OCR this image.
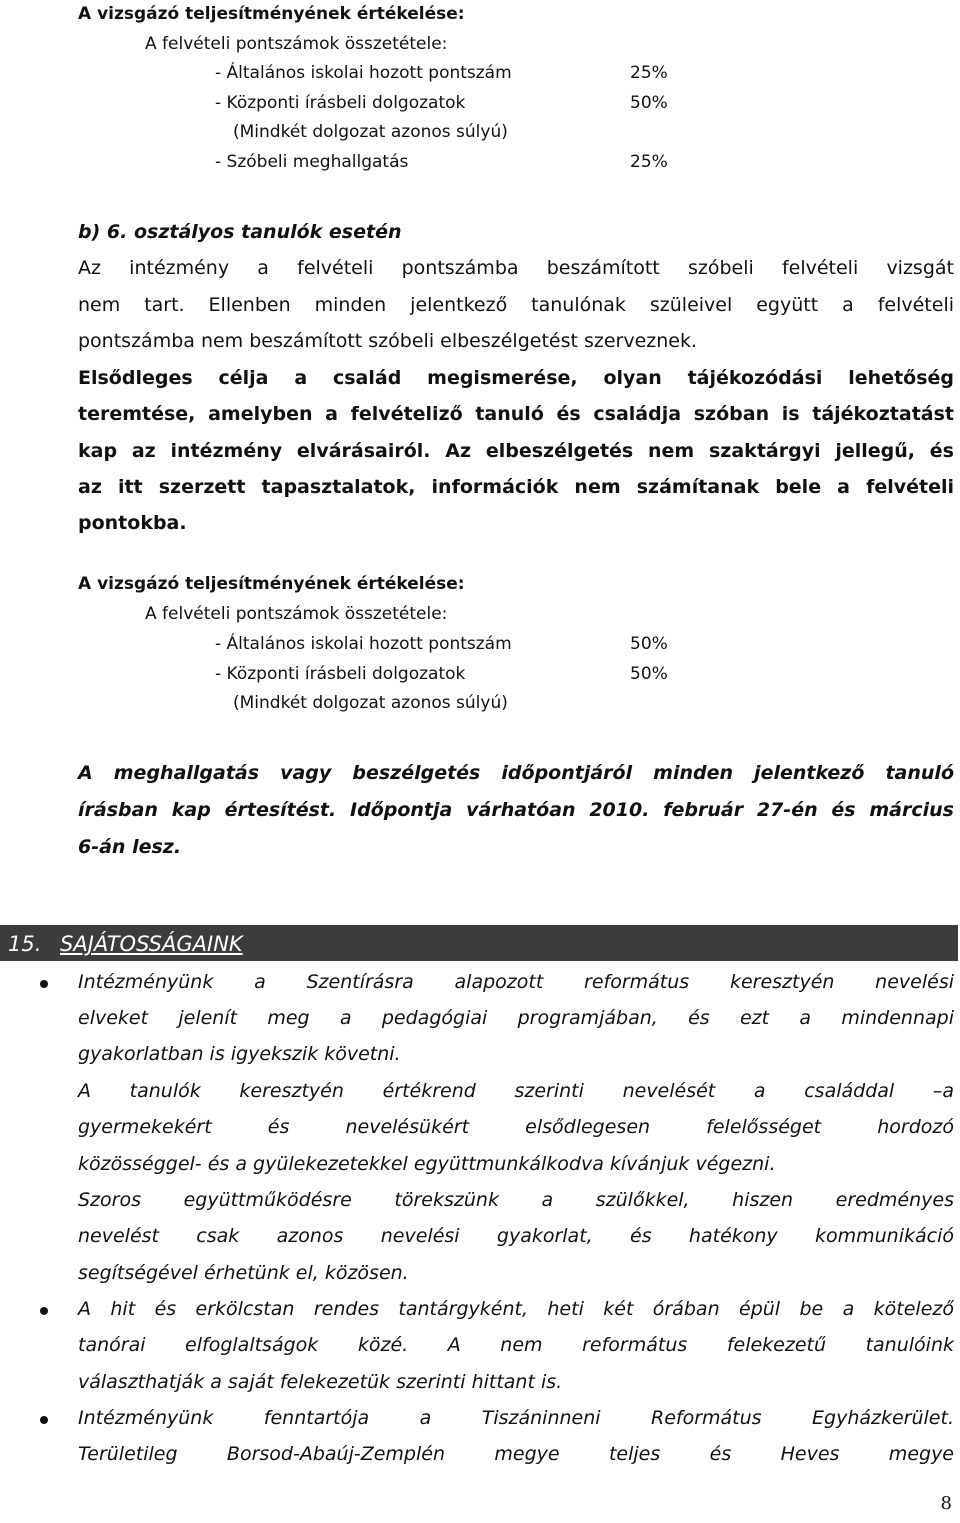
A vizsgázó teljesítményének értékelése:
A felvételi pontszámok összetétele:
- Általános iskolai hozott pontszám	25%
- Központi írásbeli dolgozatok	50%
(Mindkét dolgozat azonos súlyú)
- Szóbeli meghallgatás	25%
b) 6. osztályos tanulók esetén
Az intézmény a felvételi pontszámba beszámított szóbeli felvételi vizsgát
nem tart. Ellenben minden jelentkező tanulónak szüleivel együtt a felvételi
pontszámba nem beszámított szóbeli elbeszélgetést szerveznek.
Elsődleges célja a család megismerése, olyan tájékozódási lehetőség
teremtése, amelyben a felvételiző tanuló és családja szóban is tájékoztatást
kap az intézmény elvárásairól. Az elbeszélgetés nem szaktárgyi jellegű, és
az itt szerzett tapasztalatok, információk nem számítanak bele a felvételi
pontokba.
A vizsgázó teljesítményének értékelése:
A felvételi pontszámok összetétele:
- Általános iskolai hozott pontszám	50%
- Központi írásbeli dolgozatok	50%
(Mindkét dolgozat azonos súlyú)
A meghallgatás vagy beszélgetés időpontjáról minden jelentkező tanuló
írásban kap értesítést. Időpontja várhatóan 2010. február 27-én és március
6-án lesz.
15. SAJÁTOSSÁGAINK
Intézményünk a Szentírásra alapozott református keresztyén nevelési
elveket jelenít meg a pedagógiai programjában, és ezt a mindennapi
gyakorlatban is igyekszik követni.
A tanulók keresztyén értékrend szerinti nevelését a családdal –a
gyermekekért és nevelésükért elsődlegesen felelősséget hordozó
közösséggel- és a gyülekezetekkel együttmunkálkodva kívánjuk végezni.
Szoros együttműködésre törekszünk a szülőkkel, hiszen eredményes
nevelést csak azonos nevelési gyakorlat, és hatékony kommunikáció
segítségével érhetünk el, közösen.
A hit és erkölcstan rendes tantárgyként, heti két órában épül be a kötelező
tanórai elfoglaltságok közé. A nem református felekezetű tanulóink
választhatják a saját felekezetük szerinti hittant is.
Intézményünk fenntartója a Tiszáninneni Református Egyházkerület.
Területileg Borsod-Abaúj-Zemplén megye teljes és Heves megye
8
